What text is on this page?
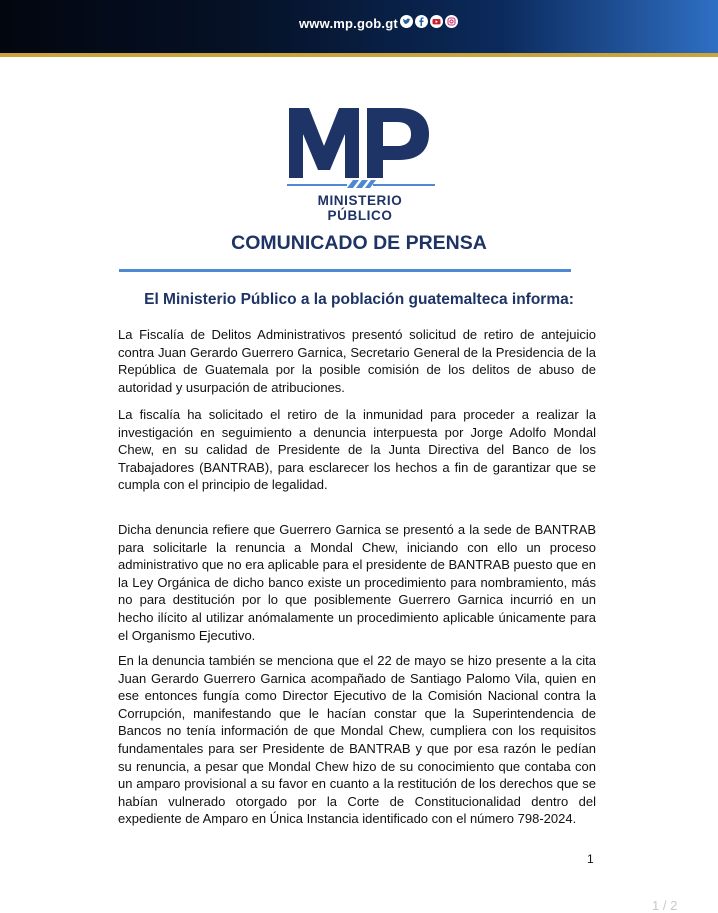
www.mp.gob.gt
MINISTERIO PÚBLICO
COMUNICADO DE PRENSA
El Ministerio Público a la población guatemalteca informa:

La Fiscalía de Delitos Administrativos presentó solicitud de retiro de antejuicio contra Juan Gerardo Guerrero Garnica, Secretario General de la Presidencia de la República de Guatemala por la posible comisión de los delitos de abuso de autoridad y usurpación de atribuciones.

La fiscalía ha solicitado el retiro de la inmunidad para proceder a realizar la investigación en seguimiento a denuncia interpuesta por Jorge Adolfo Mondal Chew, en su calidad de Presidente de la Junta Directiva del Banco de los Trabajadores (BANTRAB), para esclarecer los hechos a fin de garantizar que se cumpla con el principio de legalidad.

Dicha denuncia refiere que Guerrero Garnica se presentó a la sede de BANTRAB para solicitarle la renuncia a Mondal Chew, iniciando con ello un proceso administrativo que no era aplicable para el presidente de BANTRAB puesto que en la Ley Orgánica de dicho banco existe un procedimiento para nombramiento, más no para destitución por lo que posiblemente Guerrero Garnica incurrió en un hecho ilícito al utilizar anómalamente un procedimiento aplicable únicamente para el Organismo Ejecutivo.

En la denuncia también se menciona que el 22 de mayo se hizo presente a la cita Juan Gerardo Guerrero Garnica acompañado de Santiago Palomo Vila, quien en ese entonces fungía como Director Ejecutivo de la Comisión Nacional contra la Corrupción, manifestando que le hacían constar que la Superintendencia de Bancos no tenía información de que Mondal Chew, cumpliera con los requisitos fundamentales para ser Presidente de BANTRAB y que por esa razón le pedían su renuncia, a pesar que Mondal Chew hizo de su conocimiento que contaba con un amparo provisional a su favor en cuanto a la restitución de los derechos que se habían vulnerado otorgado por la Corte de Constitucionalidad dentro del expediente de Amparo en Única Instancia identificado con el número 798-2024.

1
1 / 2
